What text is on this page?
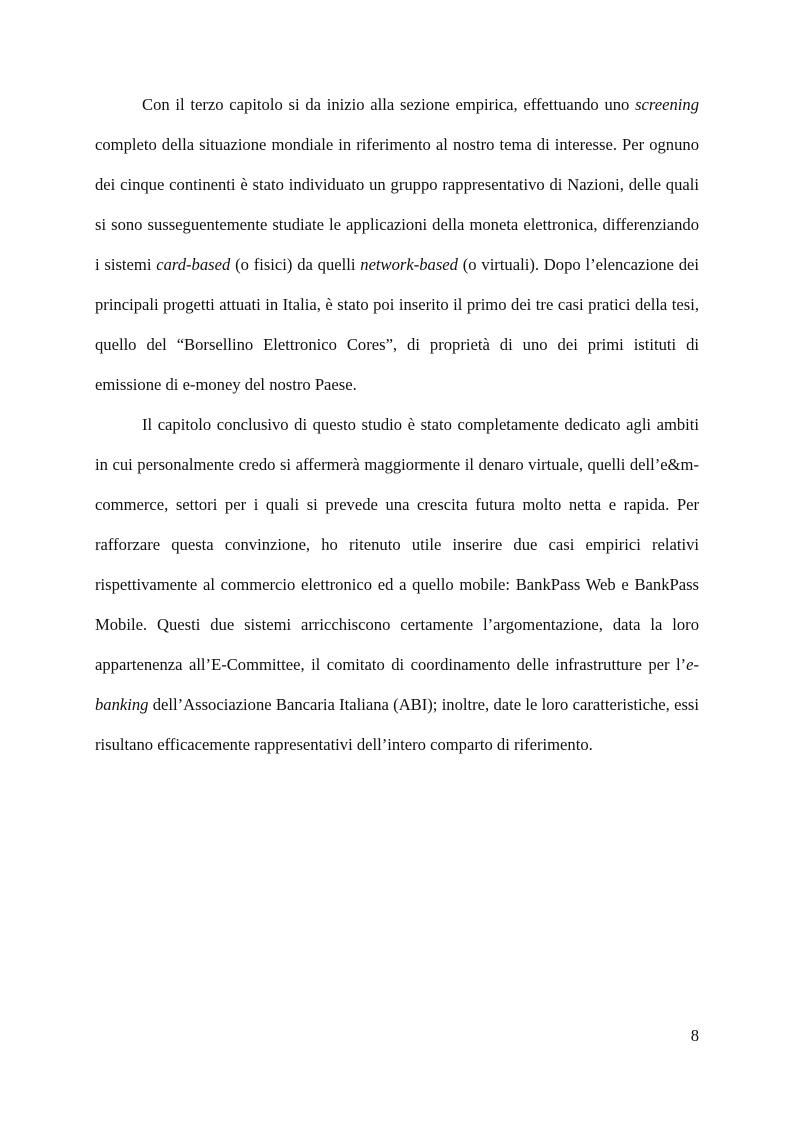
Con il terzo capitolo si da inizio alla sezione empirica, effettuando uno screening completo della situazione mondiale in riferimento al nostro tema di interesse. Per ognuno dei cinque continenti è stato individuato un gruppo rappresentativo di Nazioni, delle quali si sono susseguentemente studiate le applicazioni della moneta elettronica, differenziando i sistemi card-based (o fisici) da quelli network-based (o virtuali). Dopo l’elencazione dei principali progetti attuati in Italia, è stato poi inserito il primo dei tre casi pratici della tesi, quello del “Borsellino Elettronico Cores”, di proprietà di uno dei primi istituti di emissione di e-money del nostro Paese.

Il capitolo conclusivo di questo studio è stato completamente dedicato agli ambiti in cui personalmente credo si affermerà maggiormente il denaro virtuale, quelli dell’e&m-commerce, settori per i quali si prevede una crescita futura molto netta e rapida. Per rafforzare questa convinzione, ho ritenuto utile inserire due casi empirici relativi rispettivamente al commercio elettronico ed a quello mobile: BankPass Web e BankPass Mobile. Questi due sistemi arricchiscono certamente l’argomentazione, data la loro appartenenza all’E-Committee, il comitato di coordinamento delle infrastrutture per l’e-banking dell’Associazione Bancaria Italiana (ABI); inoltre, date le loro caratteristiche, essi risultano efficacemente rappresentativi dell’intero comparto di riferimento.

8
